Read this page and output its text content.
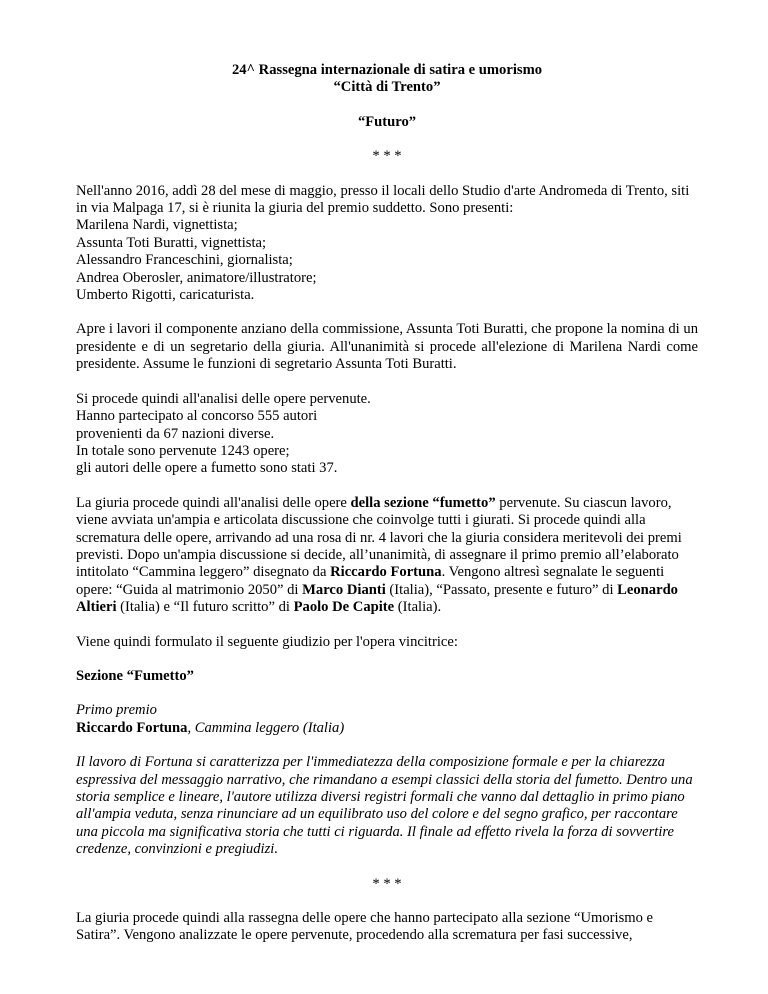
24^ Rassegna internazionale di satira e umorismo
“Città di Trento”

“Futuro”

* * *

Nell'anno 2016, addì 28 del mese di maggio, presso il locali dello Studio d'arte Andromeda di Trento, siti in via Malpaga 17, si è riunita la giuria del premio suddetto. Sono presenti:
Marilena Nardi, vignettista;
Assunta Toti Buratti, vignettista;
Alessandro Franceschini, giornalista;
Andrea Oberosler, animatore/illustratore;
Umberto Rigotti, caricaturista.

Apre i lavori il componente anziano della commissione, Assunta Toti Buratti, che propone la nomina di un presidente e di un segretario della giuria. All'unanimità si procede all'elezione di Marilena Nardi come presidente. Assume le funzioni di segretario Assunta Toti Buratti.

Si procede quindi all'analisi delle opere pervenute.
Hanno partecipato al concorso 555 autori
provenienti da 67 nazioni diverse.
In totale sono pervenute 1243 opere;
gli autori delle opere a fumetto sono stati 37.

La giuria procede quindi all'analisi delle opere della sezione “fumetto” pervenute. Su ciascun lavoro, viene avviata un'ampia e articolata discussione che coinvolge tutti i giurati. Si procede quindi alla scrematura delle opere, arrivando ad una rosa di nr. 4 lavori che la giuria considera meritevoli dei premi previsti. Dopo un'ampia discussione si decide, all’unanimità, di assegnare il primo premio all’elaborato intitolato “Cammina leggero” disegnato da Riccardo Fortuna. Vengono altresì segnalate le seguenti opere: “Guida al matrimonio 2050” di Marco Dianti (Italia), “Passato, presente e futuro” di Leonardo Altieri (Italia) e “Il futuro scritto” di Paolo De Capite (Italia).

Viene quindi formulato il seguente giudizio per l'opera vincitrice:

Sezione “Fumetto”

Primo premio
Riccardo Fortuna, Cammina leggero (Italia)

Il lavoro di Fortuna si caratterizza per l'immediatezza della composizione formale e per la chiarezza espressiva del messaggio narrativo, che rimandano a esempi classici della storia del fumetto. Dentro una storia semplice e lineare, l'autore utilizza diversi registri formali che vanno dal dettaglio in primo piano all'ampia veduta, senza rinunciare ad un equilibrato uso del colore e del segno grafico, per raccontare una piccola ma significativa storia che tutti ci riguarda. Il finale ad effetto rivela la forza di sovvertire credenze, convinzioni e pregiudizi.

* * *

La giuria procede quindi alla rassegna delle opere che hanno partecipato alla sezione “Umorismo e Satira”. Vengono analizzate le opere pervenute, procedendo alla scrematura per fasi successive,
